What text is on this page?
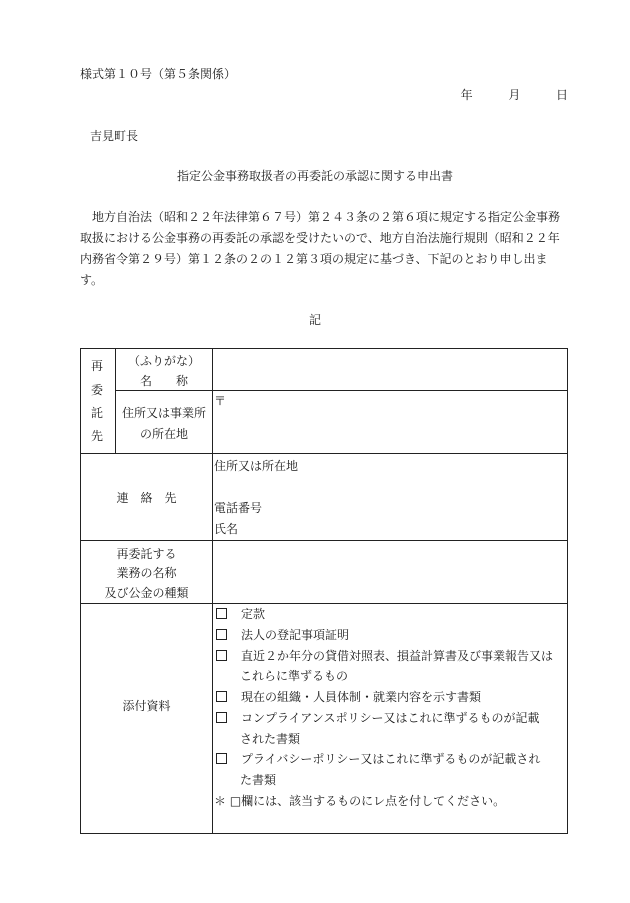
様式第１０号（第５条関係）
年	月	日
吉見町長
指定公金事務取扱者の再委託の承認に関する申出書
地方自治法（昭和２２年法律第６７号）第２４３条の２第６項に規定する指定公金事務取扱における公金事務の再委託の承認を受けたいので、地方自治法施行規則（昭和２２年内務省令第２９号）第１２条の２の１２第３項の規定に基づき、下記のとおり申し出ます。
記
再
委
託
先
（ふりがな）
名　　称
住所又は事業所
の所在地
〒
連　絡　先
住所又は所在地
電話番号
氏名
再委託する
業務の名称
及び公金の種類
添付資料
定款
法人の登記事項証明
直近２か年分の貸借対照表、損益計算書及び事業報告又は
これらに準ずるもの
現在の組織・人員体制・就業内容を示す書類
コンプライアンスポリシー又はこれに準ずるものが記載
された書類
プライバシーポリシー又はこれに準ずるものが記載され
た書類
＊ □欄には、該当するものにレ点を付してください。
